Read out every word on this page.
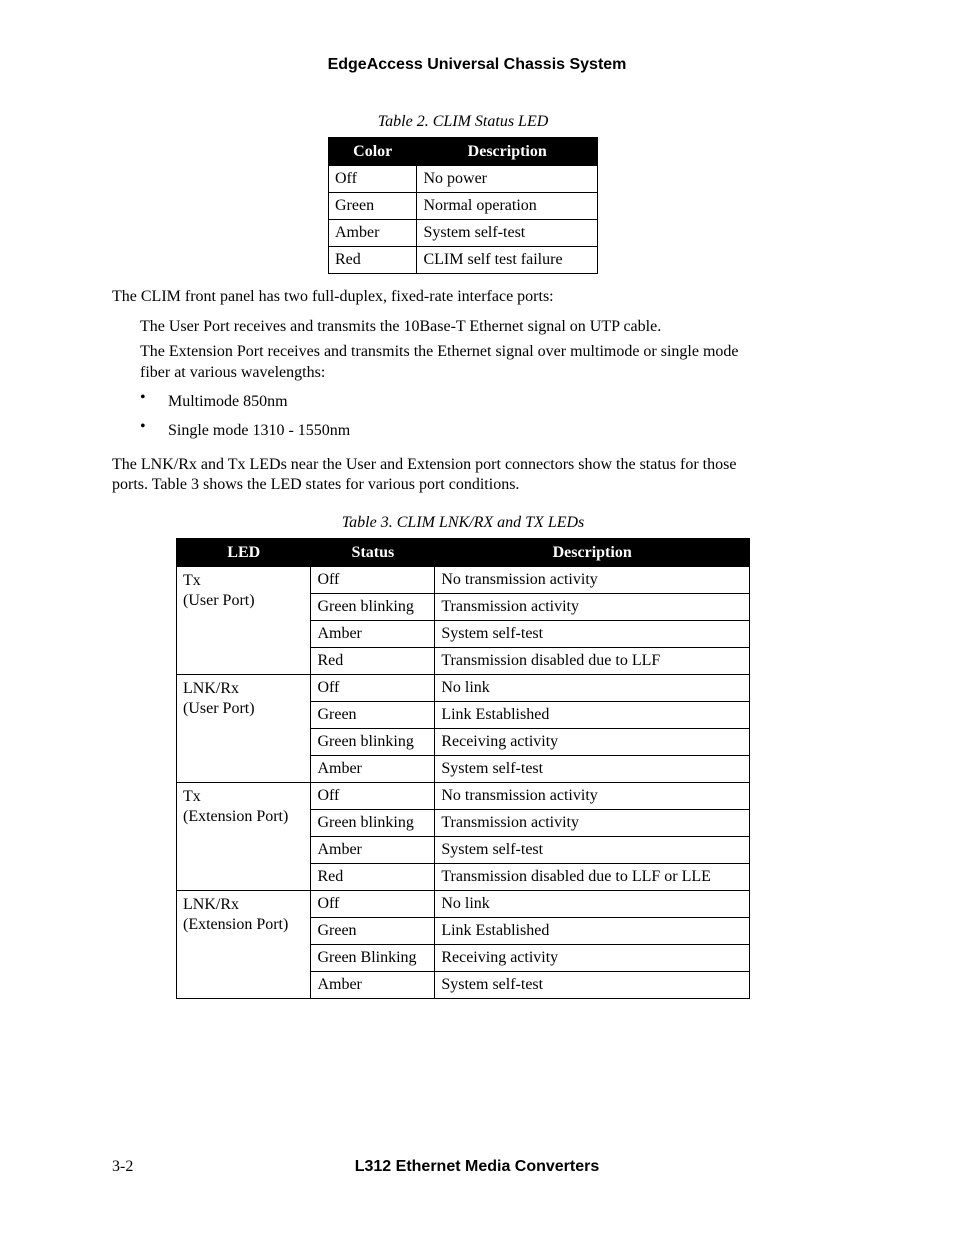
EdgeAccess Universal Chassis System
Table 2. CLIM Status LED
Color	Description
Off	No power
Green	Normal operation
Amber	System self-test
Red	CLIM self test failure
The CLIM front panel has two full-duplex, fixed-rate interface ports:
The User Port receives and transmits the 10Base-T Ethernet signal on UTP cable.
The Extension Port receives and transmits the Ethernet signal over multimode or single mode
fiber at various wavelengths:
• Multimode 850nm
• Single mode 1310 - 1550nm
The LNK/Rx and Tx LEDs near the User and Extension port connectors show the status for those
ports. Table 3 shows the LED states for various port conditions.
Table 3. CLIM LNK/RX and TX LEDs
LED	Status	Description

Tx
(User Port)	Off	No transmission activity
	Green blinking	Transmission activity
	Amber	System self-test
	Red	Transmission disabled due to LLF

LNK/Rx
(User Port)	Off	No link
	Green	Link Established
	Green blinking	Receiving activity
	Amber	System self-test

Tx
(Extension Port)	Off	No transmission activity
	Green blinking	Transmission activity
	Amber	System self-test
	Red	Transmission disabled due to LLF or LLE

LNK/Rx
(Extension Port)	Off	No link
	Green	Link Established
	Green Blinking	Receiving activity
	Amber	System self-test
3-2	L312 Ethernet Media Converters
